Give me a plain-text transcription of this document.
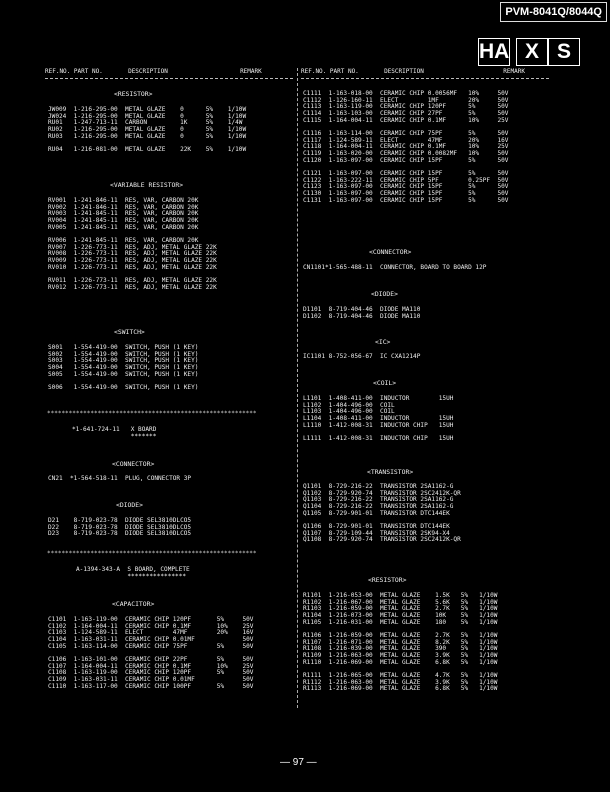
PVM-8041Q/8044Q
HA X S
REF.NO. PART NO.       DESCRIPTION                    REMARK	REF.NO. PART NO.       DESCRIPTION                      REMARK
<RESISTOR>
JW009  1-216-295-00  METAL GLAZE    0      5%    1/10W
JW024  1-216-295-00  METAL GLAZE    0      5%    1/10W
RU01   1-247-713-11  CARBON         1K     5%    1/4W
RU02   1-216-295-00  METAL GLAZE    0      5%    1/10W
RU03   1-216-295-00  METAL GLAZE    0      5%    1/10W

RU04   1-216-081-00  METAL GLAZE    22K    5%    1/10W
<VARIABLE RESISTOR>
RV001  1-241-846-11  RES, VAR, CARBON 20K
RV002  1-241-846-11  RES, VAR, CARBON 20K
RV003  1-241-845-11  RES, VAR, CARBON 20K
RV004  1-241-845-11  RES, VAR, CARBON 20K
RV005  1-241-845-11  RES, VAR, CARBON 20K

RV006  1-241-845-11  RES, VAR, CARBON 20K
RV007  1-226-773-11  RES, ADJ, METAL GLAZE 22K
RV008  1-226-773-11  RES, ADJ, METAL GLAZE 22K
RV009  1-226-773-11  RES, ADJ, METAL GLAZE 22K
RV010  1-226-773-11  RES, ADJ, METAL GLAZE 22K

RV011  1-226-773-11  RES, ADJ, METAL GLAZE 22K
RV012  1-226-773-11  RES, ADJ, METAL GLAZE 22K
<SWITCH>
S001   1-554-419-00  SWITCH, PUSH (1 KEY)
S002   1-554-419-00  SWITCH, PUSH (1 KEY)
S003   1-554-419-00  SWITCH, PUSH (1 KEY)
S004   1-554-419-00  SWITCH, PUSH (1 KEY)
S005   1-554-419-00  SWITCH, PUSH (1 KEY)

S006   1-554-419-00  SWITCH, PUSH (1 KEY)
**********************************************************
*1-641-724-11   X BOARD
*******
<CONNECTOR>
CN21  *1-564-518-11  PLUG, CONNECTOR 3P
<DIODE>
D21    8-719-023-78  DIODE SEL3810DLCO5
D22    8-719-023-78  DIODE SEL3810DLCO5
D23    8-719-023-78  DIODE SEL3810DLCO5
**********************************************************
A-1394-343-A  S BOARD, COMPLETE
****************
<CAPACITOR>
C1101  1-163-119-00  CERAMIC CHIP 120PF       5%     50V
C1102  1-164-004-11  CERAMIC CHIP 0.1MF       10%    25V
C1103  1-124-589-11  ELECT        47MF        20%    16V
C1104  1-163-031-11  CERAMIC CHIP 0.01MF             50V
C1105  1-163-114-00  CERAMIC CHIP 75PF        5%     50V

C1106  1-163-101-00  CERAMIC CHIP 22PF        5%     50V
C1107  1-164-004-11  CERAMIC CHIP 0.1MF       10%    25V
C1108  1-163-119-00  CERAMIC CHIP 120PF       5%     50V
C1109  1-163-031-11  CERAMIC CHIP 0.01MF             50V
C1110  1-163-117-00  CERAMIC CHIP 100PF       5%     50V
C1111  1-163-018-00  CERAMIC CHIP 0.0056MF   10%     50V
C1112  1-126-160-11  ELECT        1MF        20%     50V
C1113  1-163-119-00  CERAMIC CHIP 120PF      5%      50V
C1114  1-163-103-00  CERAMIC CHIP 27PF       5%      50V
C1115  1-164-004-11  CERAMIC CHIP 0.1MF      10%     25V

C1116  1-163-114-00  CERAMIC CHIP 75PF       5%      50V
C1117  1-124-589-11  ELECT        47MF       20%     16V
C1118  1-164-004-11  CERAMIC CHIP 0.1MF      10%     25V
C1119  1-163-020-00  CERAMIC CHIP 0.0082MF   10%     50V
C1120  1-163-097-00  CERAMIC CHIP 15PF       5%      50V

C1121  1-163-097-00  CERAMIC CHIP 15PF       5%      50V
C1122  1-163-222-11  CERAMIC CHIP 5PF        0.25PF  50V
C1123  1-163-097-00  CERAMIC CHIP 15PF       5%      50V
C1130  1-163-097-00  CERAMIC CHIP 15PF       5%      50V
C1131  1-163-097-00  CERAMIC CHIP 15PF       5%      50V
<CONNECTOR>
CN1101*1-565-488-11  CONNECTOR, BOARD TO BOARD 12P
<DIODE>
D1101  8-719-404-46  DIODE MA110
D1102  8-719-404-46  DIODE MA110
<IC>
IC1101 8-752-056-67  IC CXA1214P
<COIL>
L1101  1-408-411-00  INDUCTOR        15UH
L1102  1-404-496-00  COIL
L1103  1-404-496-00  COIL
L1104  1-408-411-00  INDUCTOR        15UH
L1110  1-412-008-31  INDUCTOR CHIP   15UH

L1111  1-412-008-31  INDUCTOR CHIP   15UH
<TRANSISTOR>
Q1101  8-729-216-22  TRANSISTOR 2SA1162-G
Q1102  8-729-920-74  TRANSISTOR 2SC2412K-QR
Q1103  8-729-216-22  TRANSISTOR 2SA1162-G
Q1104  8-729-216-22  TRANSISTOR 2SA1162-G
Q1105  8-729-901-01  TRANSISTOR DTC144EK

Q1106  8-729-901-01  TRANSISTOR DTC144EK
Q1107  8-729-109-44  TRANSISTOR 2SK94-X4
Q1108  8-729-920-74  TRANSISTOR 2SC2412K-QR
<RESISTOR>
R1101  1-216-053-00  METAL GLAZE    1.5K   5%   1/10W
R1102  1-216-067-00  METAL GLAZE    5.6K   5%   1/10W
R1103  1-216-059-00  METAL GLAZE    2.7K   5%   1/10W
R1104  1-216-073-00  METAL GLAZE    10K    5%   1/10W
R1105  1-216-031-00  METAL GLAZE    180    5%   1/10W

R1106  1-216-059-00  METAL GLAZE    2.7K   5%   1/10W
R1107  1-216-071-00  METAL GLAZE    8.2K   5%   1/10W
R1108  1-216-039-00  METAL GLAZE    390    5%   1/10W
R1109  1-216-063-00  METAL GLAZE    3.9K   5%   1/10W
R1110  1-216-069-00  METAL GLAZE    6.8K   5%   1/10W

R1111  1-216-065-00  METAL GLAZE    4.7K   5%   1/10W
R1112  1-216-063-00  METAL GLAZE    3.9K   5%   1/10W
R1113  1-216-069-00  METAL GLAZE    6.8K   5%   1/10W
— 97 —
